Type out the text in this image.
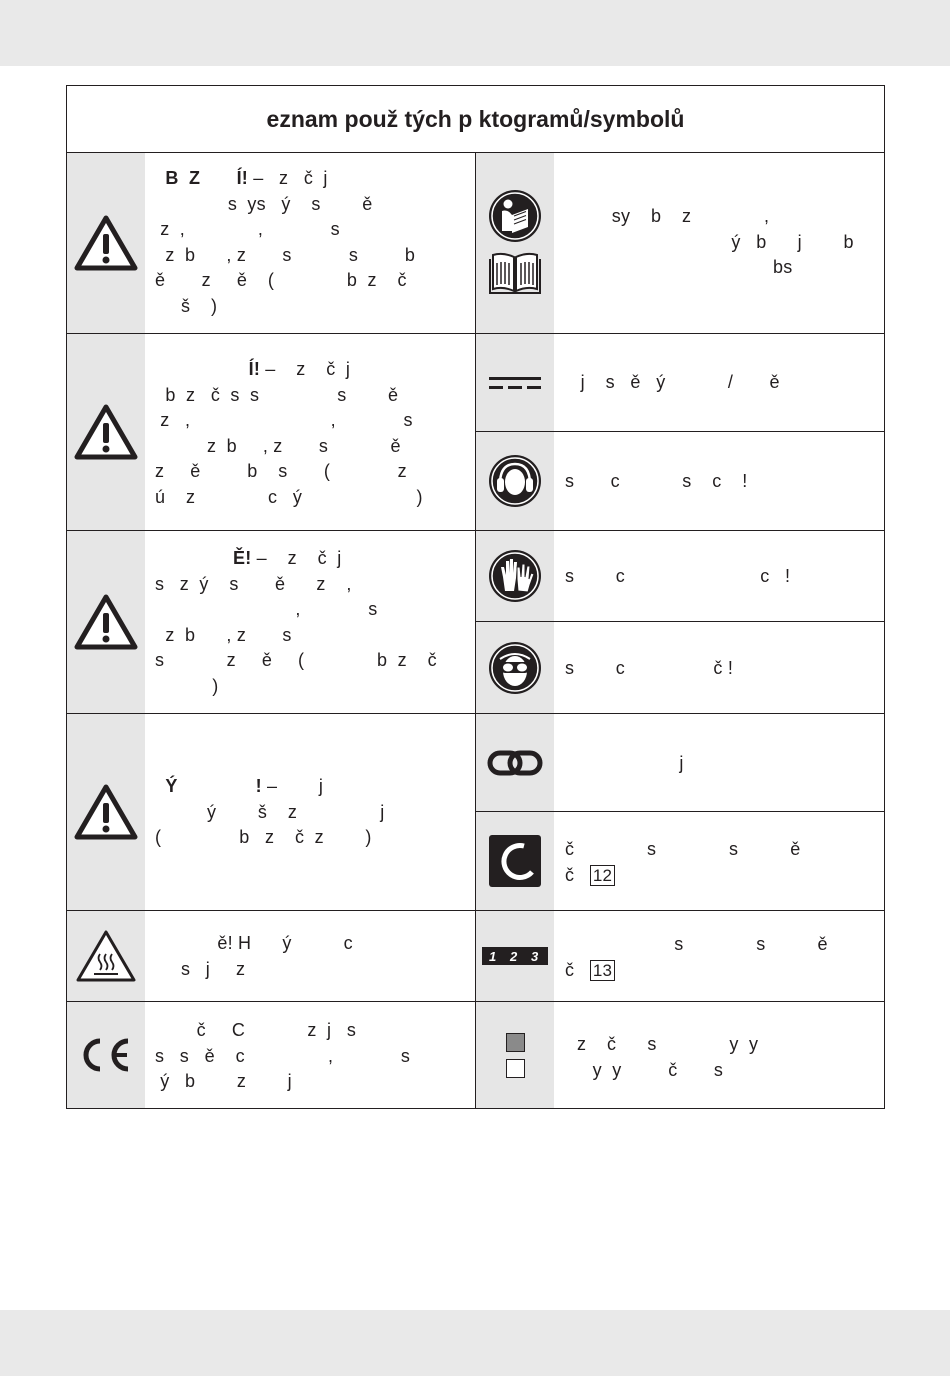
eznam použ tých p ktogramů/symbolů
B  Z       Í! –   z   č  j
s  ys   ý    s        ě
z  ,              ,             s
z  b      , z       s           s         b
ě       z     ě    (              b  z    č
š    )
Í! –    z    č  j
b  z   č  s  s               s        ě
z   ,                           ,             s
z  b     , z       s            ě
z     ě         b    s       (             z
ú    z              c   ý                      )
Ě! –    z    č  j
s   z  ý    s       ě      z    ,
,             s
z  b      , z       s
s            z     ě     (              b  z    č
)
Ý               ! –        j
ý        š    z                j
(               b   z    č  z        )
ě! H      ý          c
s   j     z
č     C            z  j   s
s   s   ě    c                ,             s
ý   b        z        j
sy    b    z              ,
ý   b      j        b
bs
j    s   ě   ý            /       ě
s       c            s    c    !
s        c                          c   !
s        c                 č !
j
č              s              s          ě
č 12
1 2 3
s              s          ě
č 13
z    č      s              y  y
y  y         č       s
